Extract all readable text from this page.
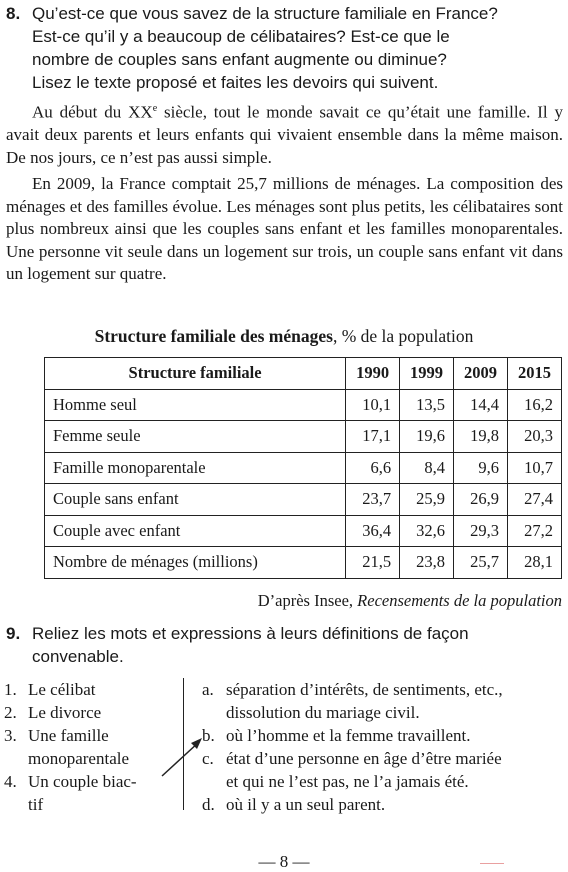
8. Qu’est-ce que vous savez de la structure familiale en France?
Est-ce qu’il y a beaucoup de célibataires? Est-ce que le
nombre de couples sans enfant augmente ou diminue?
Lisez le texte proposé et faites les devoirs qui suivent.
Au début du XXe siècle, tout le monde savait ce qu’était une famille. Il y avait deux parents et leurs enfants qui vivaient ensemble dans la même maison. De nos jours, ce n’est pas aussi simple.
En 2009, la France comptait 25,7 millions de ménages. La composition des ménages et des familles évolue. Les ménages sont plus petits, les célibataires sont plus nombreux ainsi que les couples sans enfant et les familles monoparentales. Une personne vit seule dans un logement sur trois, un couple sans enfant vit dans un logement sur quatre.
Structure familiale des ménages, % de la population
Structure familiale	1990	1999	2009	2015
Homme seul	10,1	13,5	14,4	16,2
Femme seule	17,1	19,6	19,8	20,3
Famille monoparentale	6,6	8,4	9,6	10,7
Couple sans enfant	23,7	25,9	26,9	27,4
Couple avec enfant	36,4	32,6	29,3	27,2
Nombre de ménages (millions)	21,5	23,8	25,7	28,1
D’après Insee, Recensements de la population
9. Reliez les mots et expressions à leurs définitions de façon
convenable.
1. Le célibat
2. Le divorce
3. Une famille
monoparentale
4. Un couple biac-
tif
a. séparation d’intérêts, de sentiments, etc.,
dissolution du mariage civil.
b. où l’homme et la femme travaillent.
c. état d’une personne en âge d’être mariée
et qui ne l’est pas, ne l’a jamais été.
d. où il y a un seul parent.
— 8 —
